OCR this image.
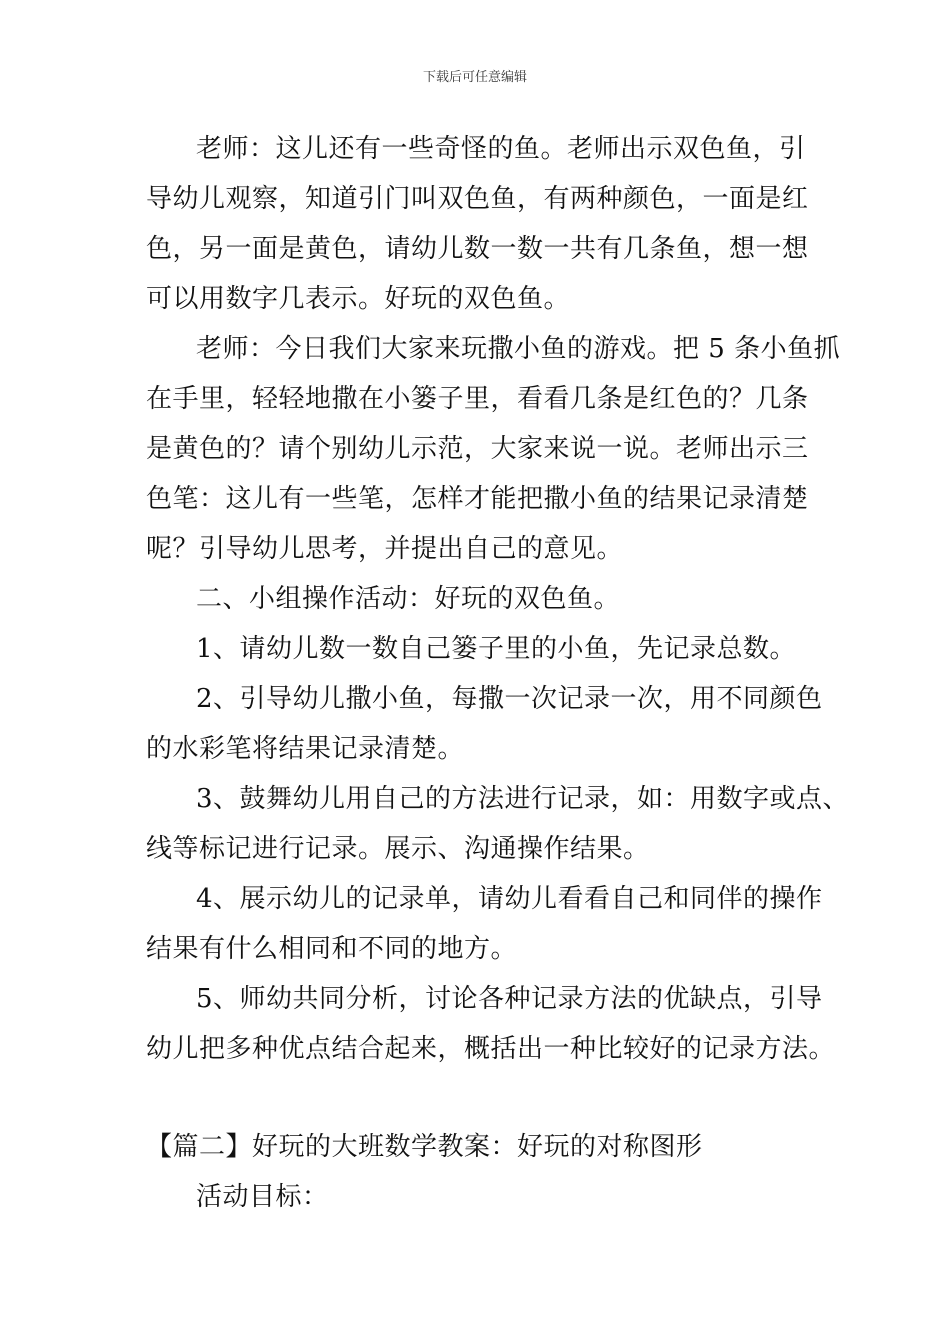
下载后可任意编辑
老师：这儿还有一些奇怪的鱼。老师出示双色鱼，引
导幼儿观察，知道引门叫双色鱼，有两种颜色，一面是红
色，另一面是黄色，请幼儿数一数一共有几条鱼，想一想
可以用数字几表示。好玩的双色鱼。
老师：今日我们大家来玩撒小鱼的游戏。把 5 条小鱼抓
在手里，轻轻地撒在小篓子里，看看几条是红色的？几条
是黄色的？请个别幼儿示范，大家来说一说。老师出示三
色笔：这儿有一些笔，怎样才能把撒小鱼的结果记录清楚
呢？引导幼儿思考，并提出自己的意见。
二、小组操作活动：好玩的双色鱼。
1、请幼儿数一数自己篓子里的小鱼，先记录总数。
2、引导幼儿撒小鱼，每撒一次记录一次，用不同颜色
的水彩笔将结果记录清楚。
3、鼓舞幼儿用自己的方法进行记录，如：用数字或点、
线等标记进行记录。展示、沟通操作结果。
4、展示幼儿的记录单，请幼儿看看自己和同伴的操作
结果有什么相同和不同的地方。
5、师幼共同分析，讨论各种记录方法的优缺点，引导
幼儿把多种优点结合起来，概括出一种比较好的记录方法。
【篇二】好玩的大班数学教案：好玩的对称图形
活动目标：
